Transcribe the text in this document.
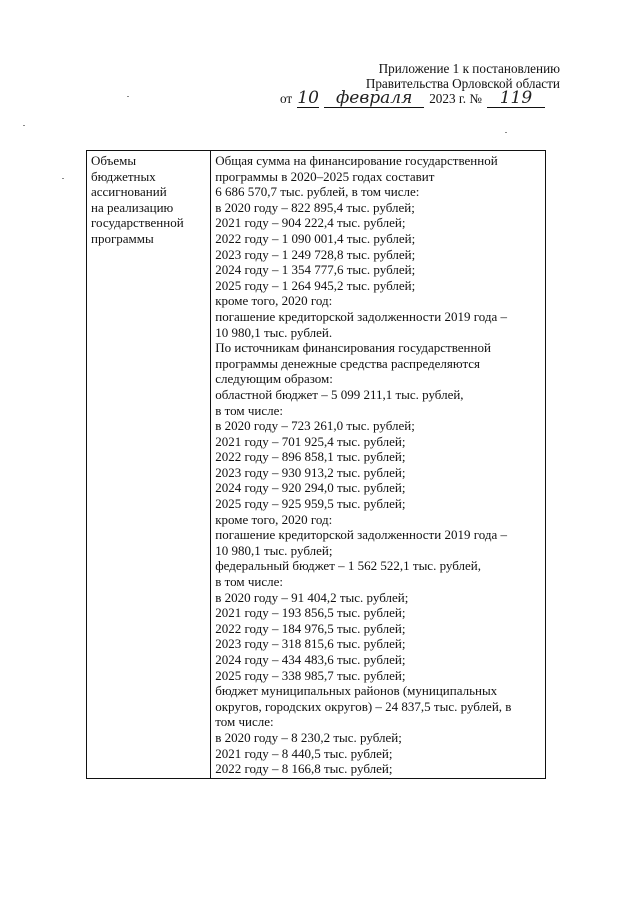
Приложение 1 к постановлению
Правительства Орловской области
от 10	февраля	2023 г. №	119
Объемы
бюджетных
ассигнований
на реализацию
государственной
программы

Общая сумма на финансирование государственной
программы в 2020–2025 годах составит
6 686 570,7 тыс. рублей, в том числе:
в 2020 году – 822 895,4 тыс. рублей;
2021 году – 904 222,4 тыс. рублей;
2022 году – 1 090 001,4 тыс. рублей;
2023 году – 1 249 728,8 тыс. рублей;
2024 году – 1 354 777,6 тыс. рублей;
2025 году – 1 264 945,2 тыс. рублей;
кроме того, 2020 год:
погашение кредиторской задолженности 2019 года –
10 980,1 тыс. рублей.
По источникам финансирования государственной
программы денежные средства распределяются
следующим образом:
областной бюджет – 5 099 211,1 тыс. рублей,
в том числе:
в 2020 году – 723 261,0 тыс. рублей;
2021 году – 701 925,4 тыс. рублей;
2022 году – 896 858,1 тыс. рублей;
2023 году – 930 913,2 тыс. рублей;
2024 году – 920 294,0 тыс. рублей;
2025 году – 925 959,5 тыс. рублей;
кроме того, 2020 год:
погашение кредиторской задолженности 2019 года –
10 980,1 тыс. рублей;
федеральный бюджет – 1 562 522,1 тыс. рублей,
в том числе:
в 2020 году – 91 404,2 тыс. рублей;
2021 году – 193 856,5 тыс. рублей;
2022 году – 184 976,5 тыс. рублей;
2023 году – 318 815,6 тыс. рублей;
2024 году – 434 483,6 тыс. рублей;
2025 году – 338 985,7 тыс. рублей;
бюджет муниципальных районов (муниципальных
округов, городских округов) – 24 837,5 тыс. рублей, в
том числе:
в 2020 году – 8 230,2 тыс. рублей;
2021 году – 8 440,5 тыс. рублей;
2022 году – 8 166,8 тыс. рублей;
